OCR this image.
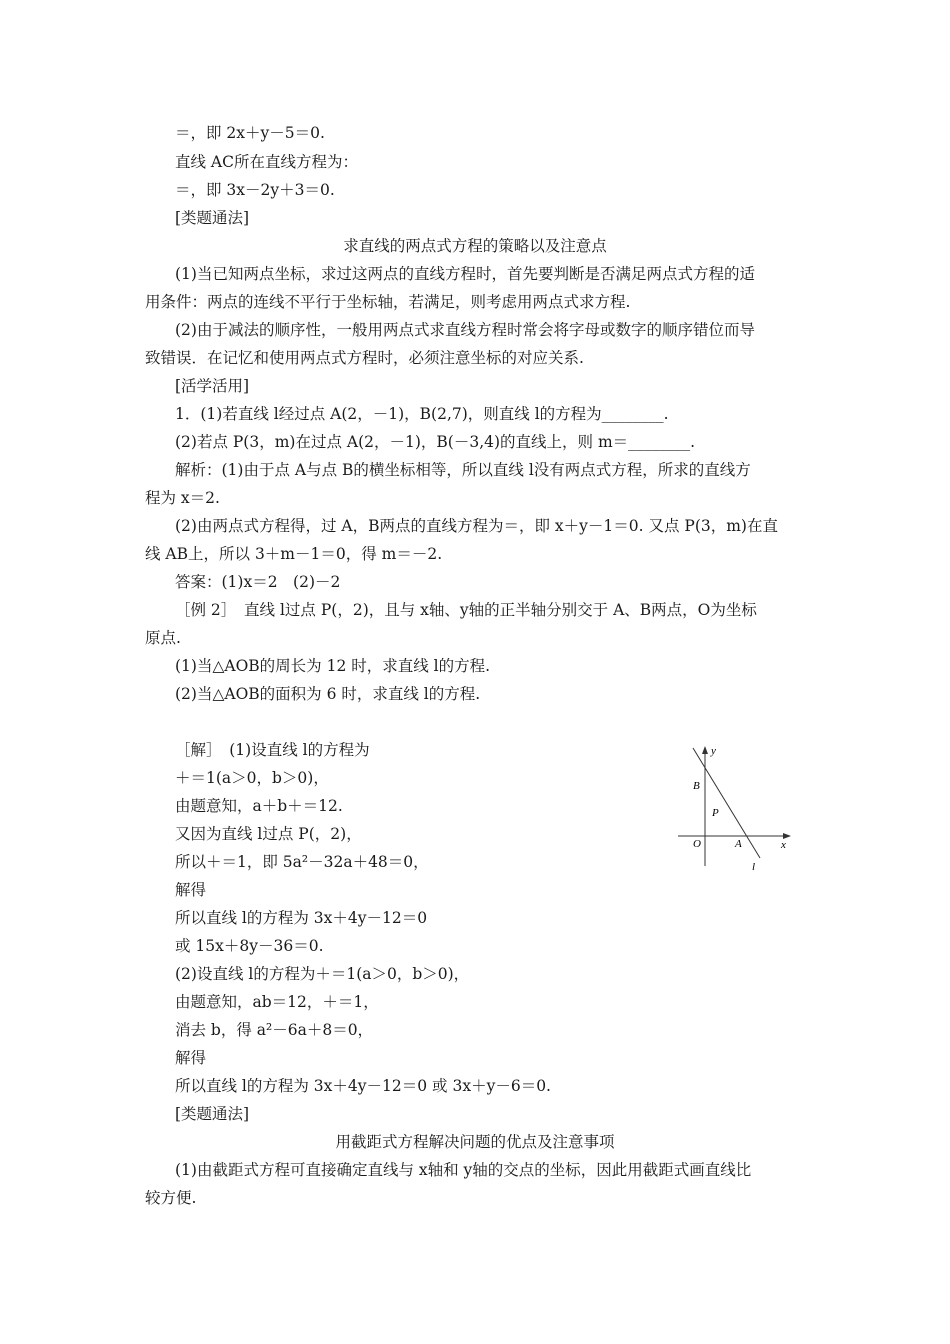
＝，即 2x＋y－5＝0.
直线 AC所在直线方程为：
＝，即 3x－2y＋3＝0.
[类题通法]
求直线的两点式方程的策略以及注意点
(1)当已知两点坐标，求过这两点的直线方程时，首先要判断是否满足两点式方程的适
用条件：两点的连线不平行于坐标轴，若满足，则考虑用两点式求方程.
(2)由于减法的顺序性，一般用两点式求直线方程时常会将字母或数字的顺序错位而导
致错误．在记忆和使用两点式方程时，必须注意坐标的对应关系.
[活学活用]
1．(1)若直线 l经过点 A(2，－1)，B(2,7)，则直线 l的方程为________.
(2)若点 P(3，m)在过点 A(2，－1)，B(－3,4)的直线上，则 m＝________.
解析：(1)由于点 A与点 B的横坐标相等，所以直线 l没有两点式方程，所求的直线方
程为 x＝2.
(2)由两点式方程得，过 A，B两点的直线方程为＝，即 x＋y－1＝0. 又点 P(3，m)在直
线 AB上，所以 3＋m－1＝0，得 m＝－2.
答案：(1)x＝2　(2)－2
［例 2］　直线 l过点 P(，2)，且与 x轴、y轴的正半轴分别交于 A、B两点，O为坐标
原点.
(1)当△AOB的周长为 12 时，求直线 l的方程.
(2)当△AOB的面积为 6 时，求直线 l的方程.
［解］　(1)设直线 l的方程为
＋＝1(a＞0，b＞0)，
由题意知，a＋b＋＝12.
又因为直线 l过点 P(，2)，
所以＋＝1，即 5a²－32a＋48＝0，
解得
所以直线 l的方程为 3x＋4y－12＝0
或 15x＋8y－36＝0.
(2)设直线 l的方程为＋＝1(a＞0，b＞0)，
由题意知，ab＝12，＋＝1，
消去 b，得 a²－6a＋8＝0，
解得
所以直线 l的方程为 3x＋4y－12＝0 或 3x＋y－6＝0.
[类题通法]
用截距式方程解决问题的优点及注意事项
(1)由截距式方程可直接确定直线与 x轴和 y轴的交点的坐标，因此用截距式画直线比
较方便.
y
x
B
P
O	A
l
